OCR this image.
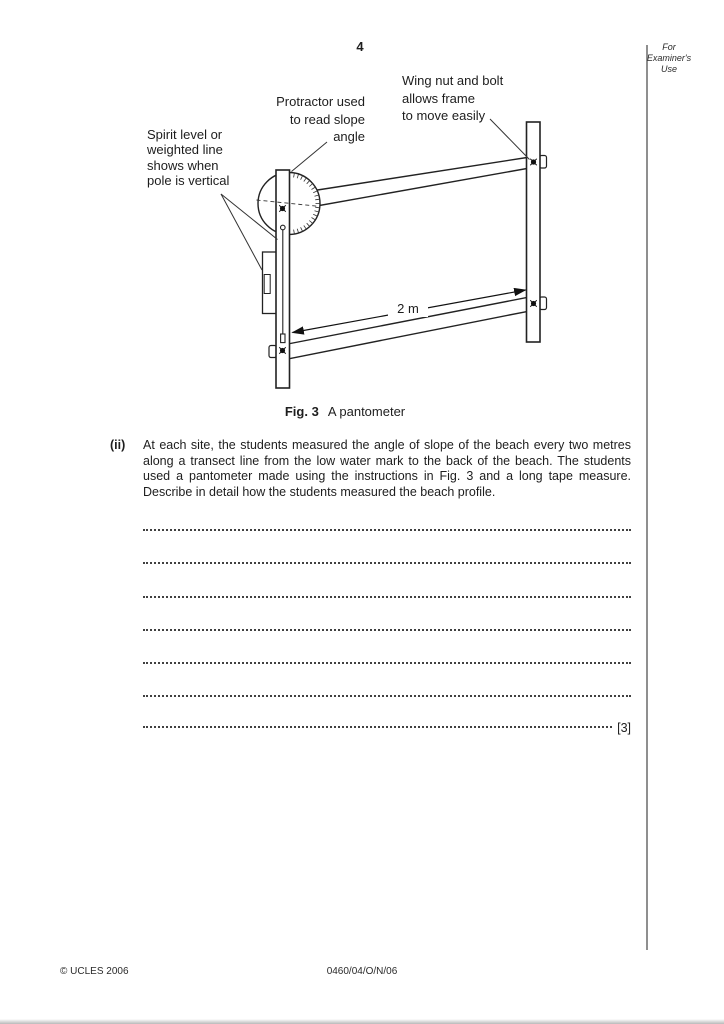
4	For
Examiner's
Use
Wing nut and bolt
allows frame
to move easily
Protractor used
to read slope
angle
Spirit level or
weighted line
shows when
pole is vertical
2 m
Fig. 3 A pantometer
(ii) At each site, the students measured the angle of slope of the beach every two metres along a transect line from the low water mark to the back of the beach. The students used a pantometer made using the instructions in Fig. 3 and a long tape measure. Describe in detail how the students measured the beach profile.
[3]
© UCLES 2006	0460/04/O/N/06
